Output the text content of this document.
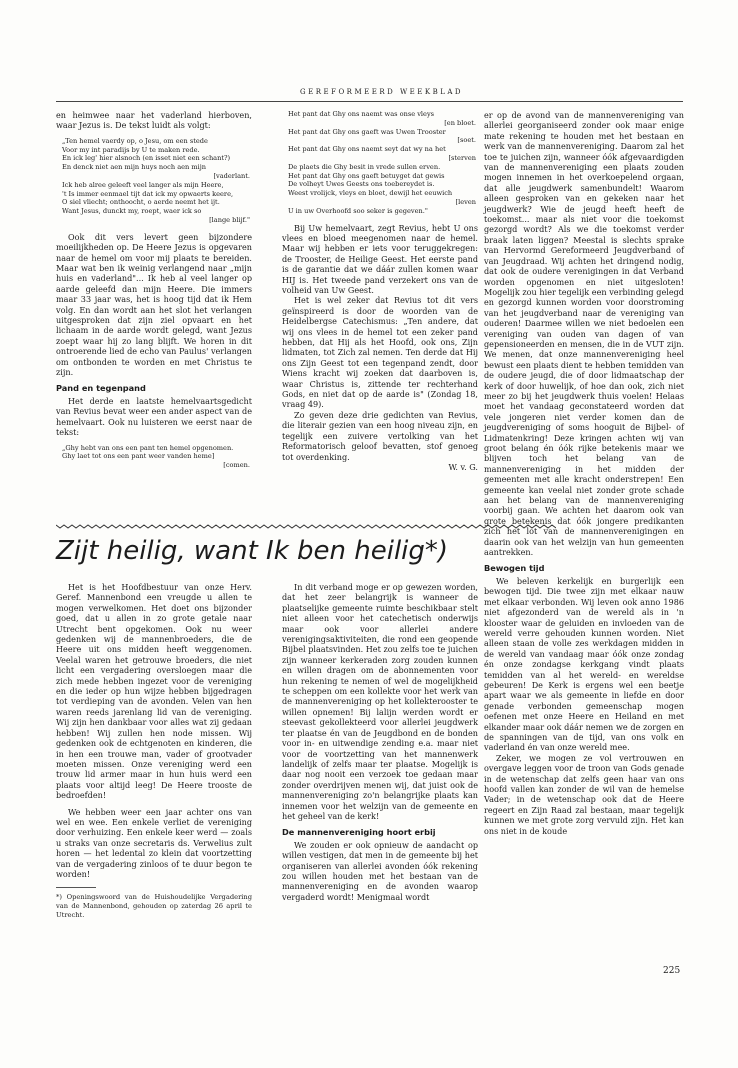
GEREFORMEERD WEEKBLAD

en heimwee naar het vaderland hierboven, waar Jezus is. De tekst luidt als volgt:

„Ten hemel vaerdy op, o Jesu, om een stede
Voor my int paradijs by U te maken rede.
En ick leg' hier alsnoch (en isset niet een schant?)
En denck niet aen mijn huys noch aen mijn
[vaderlant.
Ick heb alree geleeft veel langer als mijn Heere,
't Is immer eenmael tijt dat ick my opwaerts keere,
O siel vliecht; onthoocht, o aerde neemt het ijt.
Want Jesus, dunckt my, roept, waer ick so
[lange blijf."

Ook dit vers levert geen bijzondere moeilijkheden op. De Heere Jezus is opgevaren naar de hemel om voor mij plaats te bereiden. Maar wat ben ik weinig verlangend naar „mijn huis en vaderland"... Ik heb al veel langer op aarde geleefd dan mijn Heere. Die immers maar 33 jaar was, het is hoog tijd dat ik Hem volg. En dan wordt aan het slot het verlangen uitgesproken dat zijn ziel opvaart en het lichaam in de aarde wordt gelegd, want Jezus zoept waar hij zo lang blijft. We horen in dit ontroerende lied de echo van Paulus' verlangen om ontbonden te worden en met Christus te zijn.

Pand en tegenpand

Het derde en laatste hemelvaartsgedicht van Revius bevat weer een ander aspect van de hemelvaart. Ook nu luisteren we eerst naar de tekst:

„Ghy hebt van ons een pant ten hemel opgenomen.
Ghy laet tot ons een pant weer vanden heme]
[comen.
Het pant dat Ghy ons naemt was onse vleys
[en bloet.
Het pant dat Ghy ons gaeft was Uwen Trooster
[soet.
Het pant dat Ghy ons naemt seyt dat wy na het
[sterven
De plaets die Ghy besit in vrede sullen erven.
Het pant dat Ghy ons gaeft betuyget dat gewis
De volheyt Uwes Geests ons toebereydet is.
Weest vrolijck, vleys en bloet, dewijl het eeuwich
[leven
U in uw Overhoofd soo seker is gegeven."

Bij Uw hemelvaart, zegt Revius, hebt U ons vlees en bloed meegenomen naar de hemel. Maar wij hebben er iets voor teruggekregen: de Trooster, de Heilige Geest. Het eerste pand is de garantie dat we dáár zullen komen waar HIJ is. Het tweede pand verzekert ons van de volheid van Uw Geest.

Het is wel zeker dat Revius tot dit vers geïnspireerd is door de woorden van de Heidelbergse Catechismus: „Ten andere, dat wij ons vlees in de hemel tot een zeker pand hebben, dat Hij als het Hoofd, ook ons, Zijn lidmaten, tot Zich zal nemen. Ten derde dat Hij ons Zijn Geest tot een tegenpand zendt, door Wiens kracht wij zoeken dat daarboven is, waar Christus is, zittende ter rechterhand Gods, en niet dat op de aarde is" (Zondag 18, vraag 49).

Zo geven deze drie gedichten van Revius, die literair gezien van een hoog niveau zijn, en tegelijk een zuivere vertolking van het Reformatorisch geloof bevatten, stof genoeg tot overdenking.

W. v. G.
Zijt heilig, want Ik ben heilig*)

Het is het Hoofdbestuur van onze Herv. Geref. Mannenbond een vreugde u allen te mogen verwelkomen. Het doet ons bijzonder goed, dat u allen in zo grote getale naar Utrecht bent opgekomen. Ook nu weer gedenken wij de mannenbroeders, die de Heere uit ons midden heeft weggenomen. Veelal waren het getrouwe broeders, die niet licht een vergadering oversloegen maar die zich mede hebben ingezet voor de vereniging en die ieder op hun wijze hebben bijgedragen tot verdieping van de avonden. Velen van hen waren reeds jarenlang lid van de vereniging. Wij zijn hen dankbaar voor alles wat zij gedaan hebben! Wij zullen hen node missen. Wij gedenken ook de echtgenoten en kinderen, die in hen een trouwe man, vader of grootvader moeten missen. Onze vereniging werd een trouw lid armer maar in hun huis werd een plaats voor altijd leeg! De Heere trooste de bedroefden!

We hebben weer een jaar achter ons van wel en wee. Een enkele verliet de vereniging door verhuizing. Een enkele keer werd — zoals u straks van onze secretaris ds. Verwelius zult horen — het ledental zo klein dat voortzetting van de vergadering zinloos of te duur begon te worden!

*) Openingswoord van de Huishoudelijke Vergadering van de Mannenbond, gehouden op zaterdag 26 april te Utrecht.

In dit verband moge er op gewezen worden, dat het zeer belangrijk is wanneer de plaatselijke gemeente ruimte beschikbaar stelt niet alleen voor het catechetisch onderwijs maar ook voor allerlei andere verenigingsaktiviteiten, die rond een geopende Bijbel plaatsvinden. Het zou zelfs toe te juichen zijn wanneer kerkeraden zorg zouden kunnen en willen dragen om de abonnementen voor hun rekening te nemen of wel de mogelijkheid te scheppen om een kollekte voor het werk van de mannenvereniging op het kollekterooster te willen opnemen! Bij lalijn werden wordt er steevast gekollekteerd voor allerlei jeugdwerk ter plaatse én van de Jeugdbond en de bonden voor in- en uitwendige zending e.a. maar niet voor de voortzetting van het mannenwerk landelijk of zelfs maar ter plaatse. Mogelijk is daar nog nooit een verzoek toe gedaan maar zonder overdrijven menen wij, dat juist ook de mannenvereniging zo'n belangrijke plaats kan innemen voor het welzijn van de gemeente en het geheel van de kerk!

De mannenvereniging hoort erbij

We zouden er ook opnieuw de aandacht op willen vestigen, dat men in de gemeente bij het organiseren van allerlei avonden óók rekening zou willen houden met het bestaan van de mannenvereniging en de avonden waarop vergaderd wordt! Menigmaal wordt

er op de avond van de mannenvereniging van allerlei georganiseerd zonder ook maar enige mate rekening te houden met het bestaan en werk van de mannenvereniging. Daarom zal het toe te juichen zijn, wanneer óók afgevaardigden van de mannenvereniging een plaats zouden mogen innemen in het overkoepelend orgaan, dat alle jeugdwerk samenbundelt! Waarom alleen gesproken van en gekeken naar het jeugdwerk? Wie de jeugd heeft heeft de toekomst... maar als niet voor die toekomst gezorgd wordt? Als we die toekomst verder braak laten liggen? Meestal is slechts sprake van Hervormd Gereformeerd Jeugdverband of van Jeugdraad. Wij achten het dringend nodig, dat ook de oudere verenigingen in dat Verband worden opgenomen en niet uitgesloten! Mogelijk zou hier tegelijk een verbinding gelegd en gezorgd kunnen worden voor doorstroming van het jeugdverband naar de vereniging van ouderen! Daarmee willen we niet bedoelen een vereniging van ouden van dagen of van gepensioneerden en mensen, die in de VUT zijn. We menen, dat onze mannenvereniging heel bewust een plaats dient te hebben temidden van de oudere jeugd, die of door lidmaatschap der kerk of door huwelijk, of hoe dan ook, zich niet meer zo bij het jeugdwerk thuis voelen! Helaas moet het vandaag geconstateerd worden dat vele jongeren niet verder komen dan de jeugdvereniging of soms hooguit de Bijbel- of Lidmatenkring! Deze kringen achten wij van groot belang én óók rijke betekenis maar we blijven toch het belang van de mannenvereniging in het midden der gemeenten met alle kracht onderstrepen! Een gemeente kan veelal niet zonder grote schade aan het belang van de mannenvereniging voorbij gaan. We achten het daarom ook van grote betekenis dat óók jongere predikanten zich het lot van de mannenverenigingen en daarin ook van het welzijn van hun gemeenten aantrekken.

Bewogen tijd

We beleven kerkelijk en burgerlijk een bewogen tijd. Die twee zijn met elkaar nauw met elkaar verbonden. Wij leven ook anno 1986 niet afgezonderd van de wereld als in 'n klooster waar de geluiden en invloeden van de wereld verre gehouden kunnen worden. Niet alleen staan de volle zes werkdagen midden in de wereld van vandaag maar óók onze zondag én onze zondagse kerkgang vindt plaats temidden van al het wereld- en wereldse gebeuren! De Kerk is ergens wel een beetje apart waar we als gemeente in liefde en door genade verbonden gemeenschap mogen oefenen met onze Heere en Heiland en met elkander maar ook dáár nemen we de zorgen en de spanningen van de tijd, van ons volk en vaderland én van onze wereld mee.

Zeker, we mogen ze vol vertrouwen en overgave leggen voor de troon van Gods genade in de wetenschap dat zelfs geen haar van ons hoofd vallen kan zonder de wil van de hemelse Vader; in de wetenschap ook dat de Heere regeert en Zijn Raad zal bestaan, maar tegelijk kunnen we met grote zorg vervuld zijn. Het kan ons niet in de koude

225
